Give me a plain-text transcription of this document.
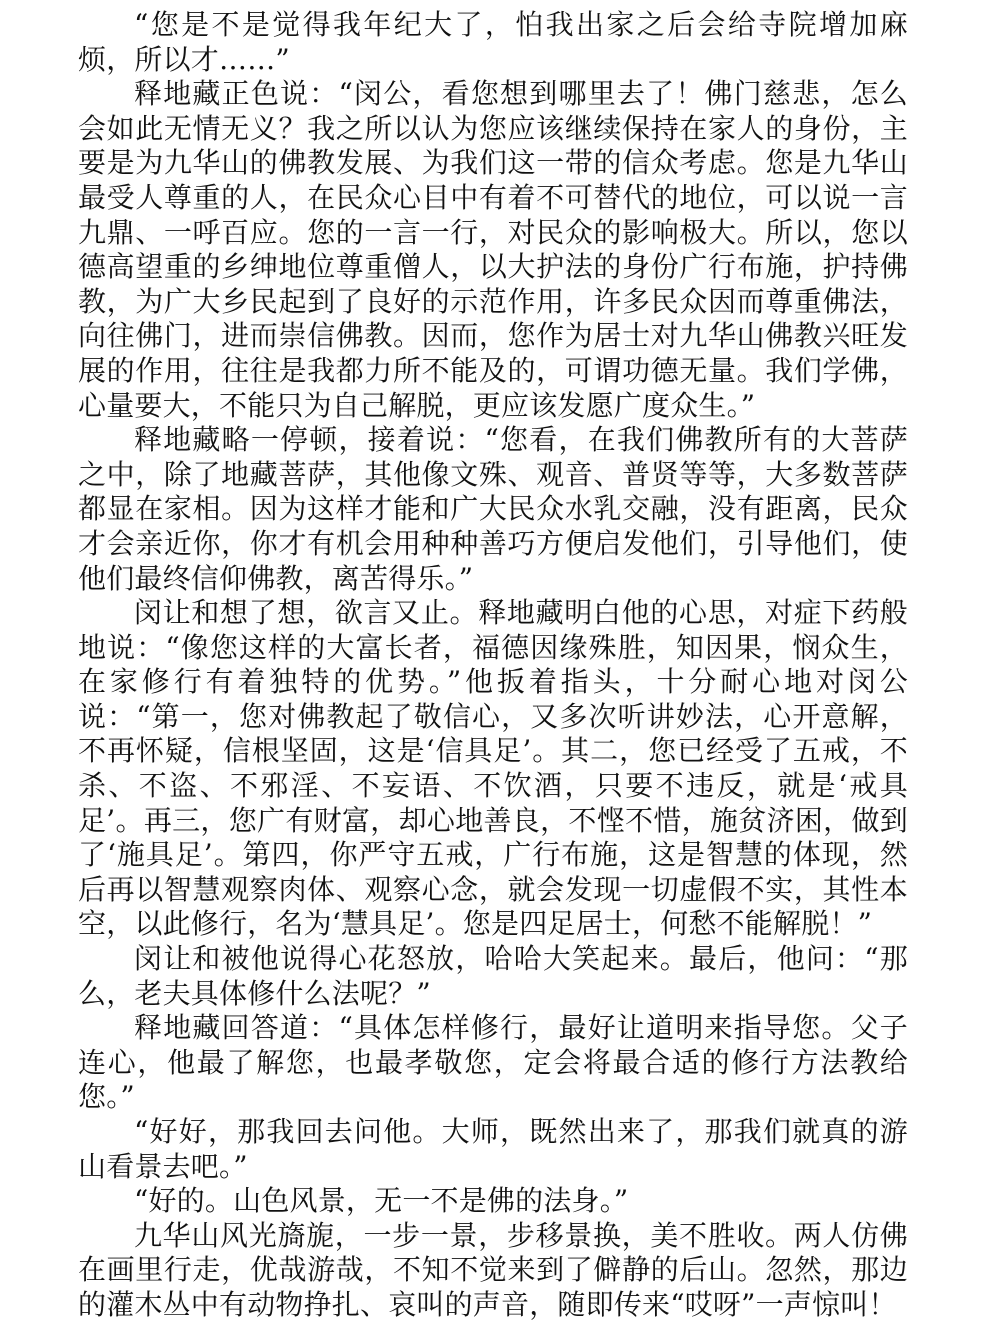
“您是不是觉得我年纪大了，怕我出家之后会给寺院增加麻烦，所以才……”

释地藏正色说：“闵公，看您想到哪里去了！佛门慈悲，怎么会如此无情无义？我之所以认为您应该继续保持在家人的身份，主要是为九华山的佛教发展、为我们这一带的信众考虑。您是九华山最受人尊重的人，在民众心目中有着不可替代的地位，可以说一言九鼎、一呼百应。您的一言一行，对民众的影响极大。所以，您以德高望重的乡绅地位尊重僧人，以大护法的身份广行布施，护持佛教，为广大乡民起到了良好的示范作用，许多民众因而尊重佛法，向往佛门，进而崇信佛教。因而，您作为居士对九华山佛教兴旺发展的作用，往往是我都力所不能及的，可谓功德无量。我们学佛，心量要大，不能只为自己解脱，更应该发愿广度众生。”

释地藏略一停顿，接着说：“您看，在我们佛教所有的大菩萨之中，除了地藏菩萨，其他像文殊、观音、普贤等等，大多数菩萨都显在家相。因为这样才能和广大民众水乳交融，没有距离，民众才会亲近你，你才有机会用种种善巧方便启发他们，引导他们，使他们最终信仰佛教，离苦得乐。”

闵让和想了想，欲言又止。释地藏明白他的心思，对症下药般地说：“像您这样的大富长者，福德因缘殊胜，知因果，悯众生，在家修行有着独特的优势。”他扳着指头，十分耐心地对闵公说：“第一，您对佛教起了敬信心，又多次听讲妙法，心开意解，不再怀疑，信根坚固，这是‘信具足’。其二，您已经受了五戒，不杀、不盗、不邪淫、不妄语、不饮酒，只要不违反，就是‘戒具足’。再三，您广有财富，却心地善良，不悭不惜，施贫济困，做到了‘施具足’。第四，你严守五戒，广行布施，这是智慧的体现，然后再以智慧观察肉体、观察心念，就会发现一切虚假不实，其性本空，以此修行，名为‘慧具足’。您是四足居士，何愁不能解脱！”

闵让和被他说得心花怒放，哈哈大笑起来。最后，他问：“那么，老夫具体修什么法呢？”

释地藏回答道：“具体怎样修行，最好让道明来指导您。父子连心，他最了解您，也最孝敬您，定会将最合适的修行方法教给您。”

“好好，那我回去问他。大师，既然出来了，那我们就真的游山看景去吧。”

“好的。山色风景，无一不是佛的法身。”

九华山风光旖旎，一步一景，步移景换，美不胜收。两人仿佛在画里行走，优哉游哉，不知不觉来到了僻静的后山。忽然，那边的灌木丛中有动物挣扎、哀叫的声音，随即传来“哎呀”一声惊叫！
